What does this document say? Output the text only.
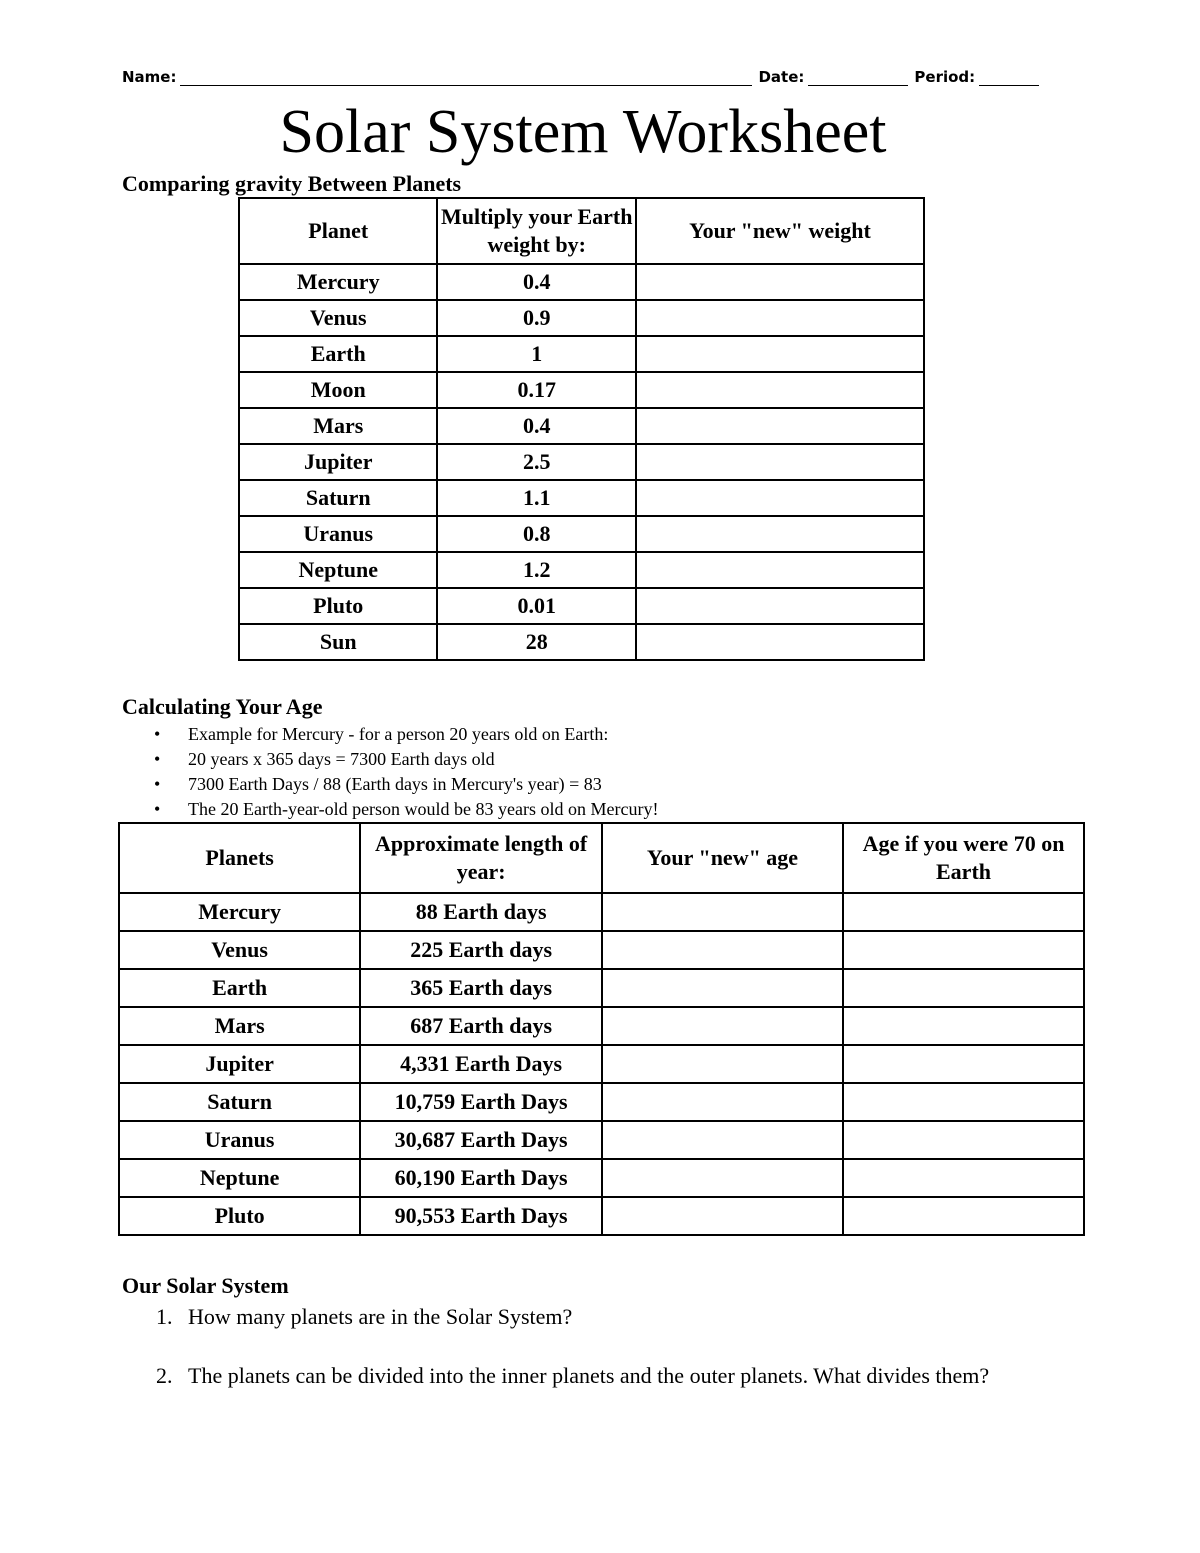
Name:	Date:	Period:
Solar System Worksheet
Comparing gravity Between Planets
Planet	Multiply your Earth weight by:	Your "new" weight
Mercury	0.4	
Venus	0.9	
Earth	1	
Moon	0.17	
Mars	0.4	
Jupiter	2.5	
Saturn	1.1	
Uranus	0.8	
Neptune	1.2	
Pluto	0.01	
Sun	28	
Calculating Your Age
• Example for Mercury - for a person 20 years old on Earth:
• 20 years x 365 days = 7300 Earth days old
• 7300 Earth Days / 88 (Earth days in Mercury's year) = 83
• The 20 Earth-year-old person would be 83 years old on Mercury!
Planets	Approximate length of year:	Your "new" age	Age if you were 70 on Earth
Mercury	88 Earth days		
Venus	225 Earth days		
Earth	365 Earth days		
Mars	687 Earth days		
Jupiter	4,331 Earth Days		
Saturn	10,759 Earth Days		
Uranus	30,687 Earth Days		
Neptune	60,190 Earth Days		
Pluto	90,553 Earth Days		
Our Solar System
1. How many planets are in the Solar System?
2. The planets can be divided into the inner planets and the outer planets. What divides them?
